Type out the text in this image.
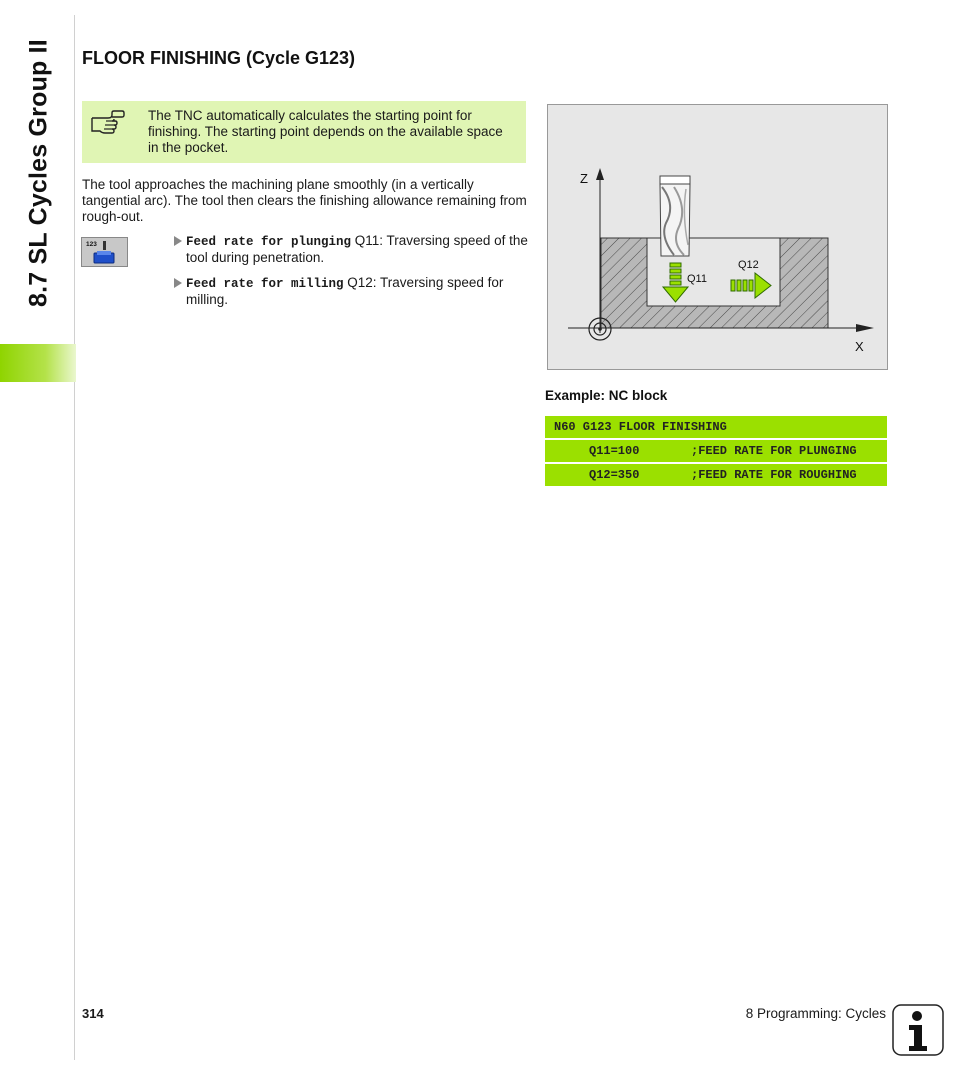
8.7 SL Cycles Group II FLOOR FINISHING (Cycle G123)

The TNC automatically calculates the starting point for finishing. The starting point depends on the available space in the pocket.

The tool approaches the machining plane smoothly (in a vertically tangential arc). The tool then clears the finishing allowance remaining from rough-out.

123	Feed rate for plunging Q11: Traversing speed of the tool during penetration.
Feed rate for milling Q12: Traversing speed for milling.
Z
X
Q11
Q12
Example: NC block
N60 G123 FLOOR FINISHING
Q11=100	;FEED RATE FOR PLUNGING
Q12=350	;FEED RATE FOR ROUGHING
314	8 Programming: Cycles
